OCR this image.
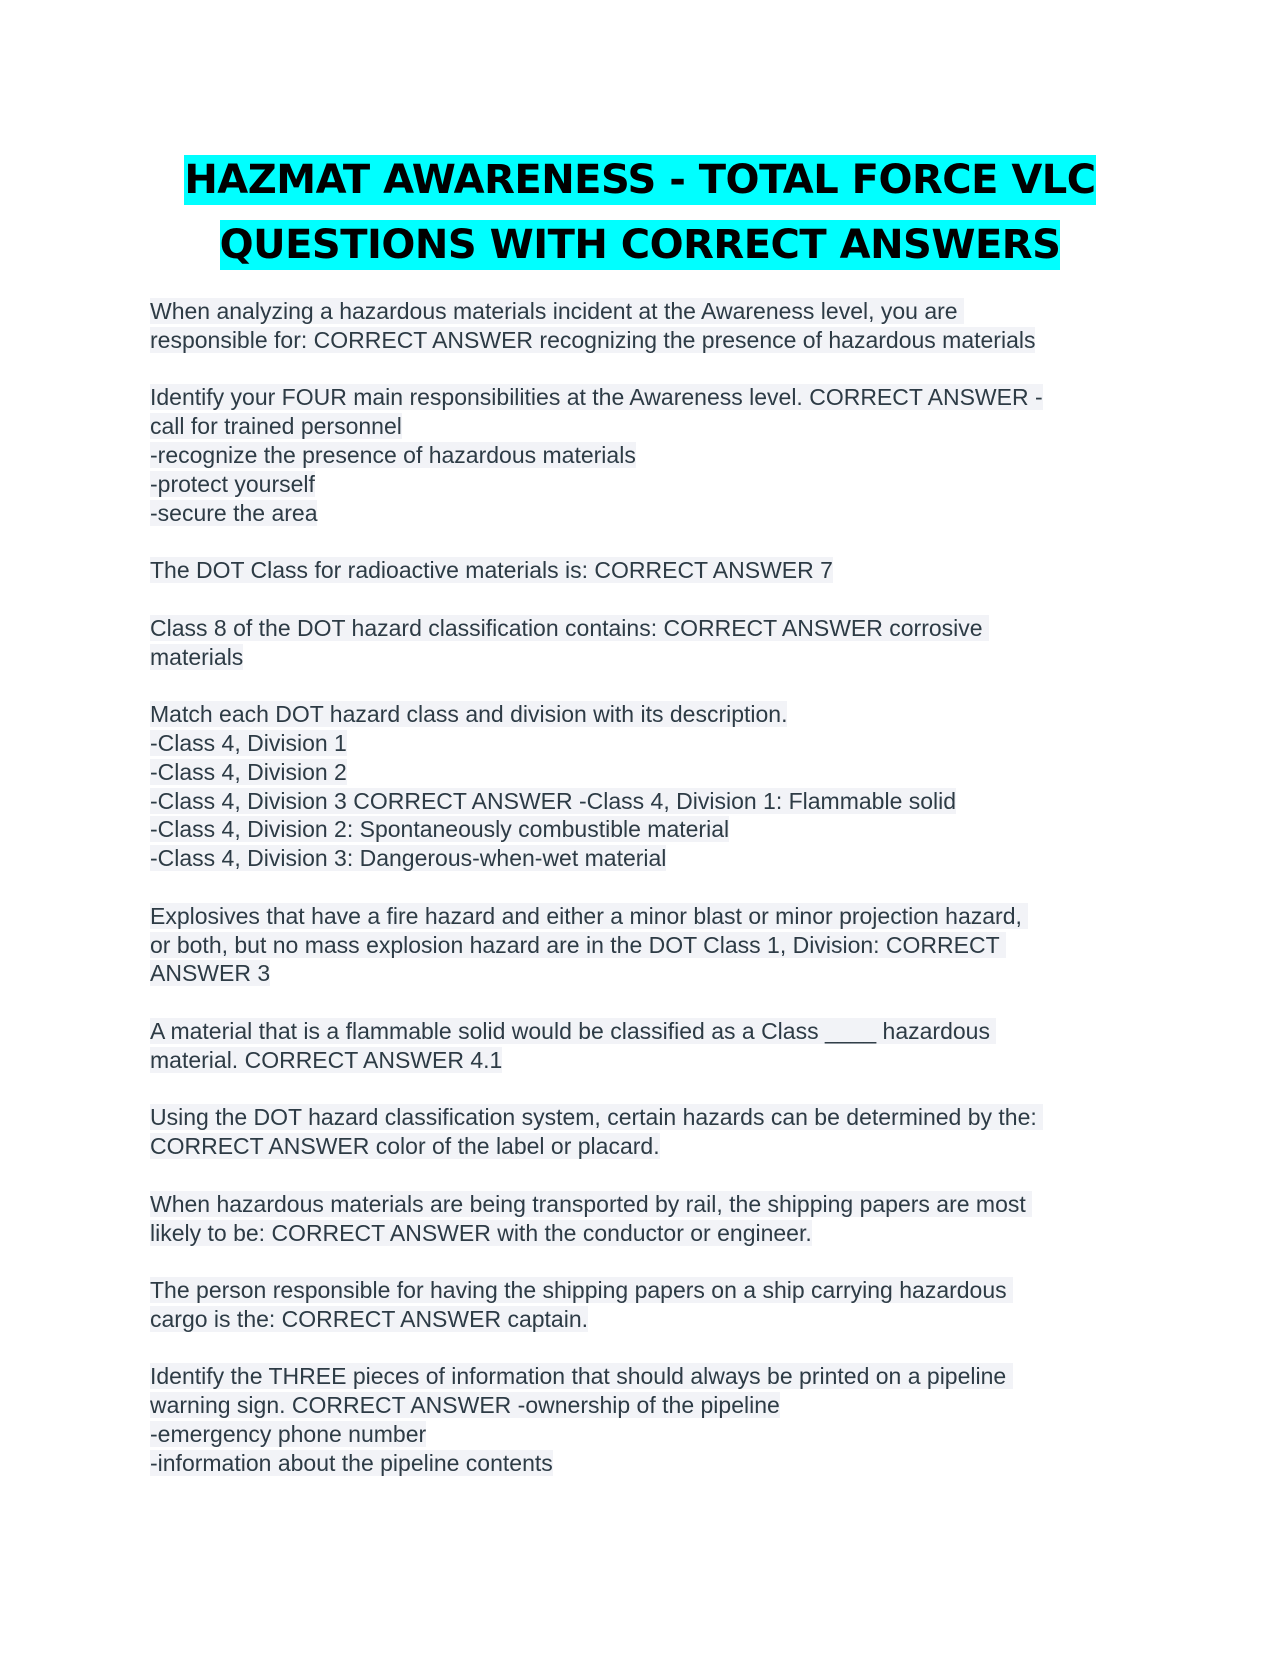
HAZMAT AWARENESS - TOTAL FORCE VLC
QUESTIONS WITH CORRECT ANSWERS
When analyzing a hazardous materials incident at the Awareness level, you are
responsible for: CORRECT ANSWER recognizing the presence of hazardous materials
Identify your FOUR main responsibilities at the Awareness level. CORRECT ANSWER -
call for trained personnel
-recognize the presence of hazardous materials
-protect yourself
-secure the area
The DOT Class for radioactive materials is: CORRECT ANSWER 7
Class 8 of the DOT hazard classification contains: CORRECT ANSWER corrosive
materials
Match each DOT hazard class and division with its description.
-Class 4, Division 1
-Class 4, Division 2
-Class 4, Division 3 CORRECT ANSWER -Class 4, Division 1: Flammable solid
-Class 4, Division 2: Spontaneously combustible material
-Class 4, Division 3: Dangerous-when-wet material
Explosives that have a fire hazard and either a minor blast or minor projection hazard,
or both, but no mass explosion hazard are in the DOT Class 1, Division: CORRECT
ANSWER 3
A material that is a flammable solid would be classified as a Class ____ hazardous
material. CORRECT ANSWER 4.1
Using the DOT hazard classification system, certain hazards can be determined by the:
CORRECT ANSWER color of the label or placard.
When hazardous materials are being transported by rail, the shipping papers are most
likely to be: CORRECT ANSWER with the conductor or engineer.
The person responsible for having the shipping papers on a ship carrying hazardous
cargo is the: CORRECT ANSWER captain.
Identify the THREE pieces of information that should always be printed on a pipeline
warning sign. CORRECT ANSWER -ownership of the pipeline
-emergency phone number
-information about the pipeline contents
